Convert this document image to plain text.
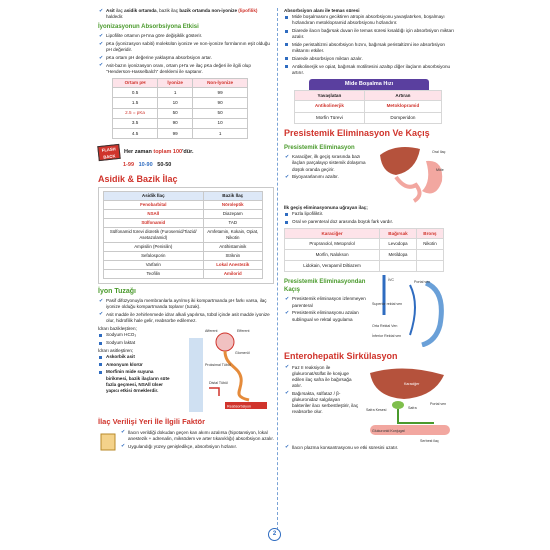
✔ Asit ilaç asidik ortamda, bazik ilaç bazik ortamda non-iyonize (lipofilik) haldedir.
İyonizasyonun Absorbsiyona Etkisi
✔ Lipofilite ortamın pH'ına göre değişiklik gösterir.
✔ pKa (iyonizasyon sabiti) molekülün iyonize ve non-iyonize formlarının eşit olduğu pH değeridir.
✔ pKa ortam pH değerine yaklaşma absorbsiyon artar.
✔ Asit-bazın iyonizasyon oranı, ortam pH'a ve ilaç pKa değeri ile ilgili olup "Henderson-Hasselbalch" denklemi ile saptanır.
Ortam pH	İyonize	Non-İyonize
0.5	1	99
1.5	10	90
2.5 = pKa	50	50
3.5	90	10
4.5	99	1
FLASH
BACK
Her zaman toplam 100'dür.
1-99 10-90 50-50
Asidik & Bazik İlaç
Asidik İlaç	Bazik İlaç
Fenobarbital	Nöroleptik
NSAİİ	Diazepam
Sülfonamid	TAD
Sülfonamid türevi diüretik (Furosemid/Tiazid/ Asetazolamid)	Amfetamin, Kokain, Opiat, Nikotin
Ampisilin (Penisilin)	Antihistaminik
Sefalosporin	Striknin
Varfarin	Lokal Anestezik
Teofilin	Amilorid
İyon Tuzağı
✔ Pasif difüzyonuyla membranlarla ayrılmış iki kompartmanda pH farkı varsa, ilaç iyonize olduğu kompartmanda toplanır (tuzak).
✔ Asit madde ile zehirlenmede idrar alkali yapılırsa, tübül içinde asit madde iyonize olur, hidrofilik hale gelir, reabsorbe edilemez.
İdrarı bazikleştiren;
Sodyum HCO₃
Sodyum laktat
İdrarı asitleştiren;
Askorbik asit
Amonyum klorür
Morfinin mide suyuna birikmesi, bazik ilaçların süte fazla geçmesi, NSAİİ ülser yapıcı etkisi örneklerdir.
Afferent	Efferent
Glomerül
Proksimal Tübül
Distal Tübül
Reabsorbsiyon
İlaç Verilişi Yeri İle İlgili Faktör
✔ İlacın verildiği dokudan geçen kan akımı azalırsa (hipotansiyon, lokal anestezik + adrenalin, miksödem ve arter tıkanıklığı) absorbsiyon azalır.
✔ Uygulandığı yüzey genişledikçe, absorbsiyon hızlanır.
Absorbsiyon alanı ile temas süresi
Mide boşalmasını geciktiren atropin absorbsiyonu yavaşlatırken, boşalmayı hızlandıran metoklopramid absorbsiyonu hızlandırır.
Diarede ilacın bağırsak duvarı ile temas süresi kısaldığı için absorbsiyon miktarı azalır.
Mide peristaltizmi absorbsiyon hızını, bağırsak peristaltizmi ise absorbsiyon miktarını etkiler.
Diarede absorbsiyon miktarı azalır.
Antikolinerjik ve opiat, bağırsak motilitesini azaltıp diğer ilaçların absorbsiyonu artırır.
Mide Boşalma Hızı
Yavaşlatan	Artıran
Antikolinerjik	Metoklopramid
Morfin Türevi	Domperidon
Presistemik Eliminasyon Ve Kaçış
Presistemik Eliminasyon
✔ Karaciğer, ilk geçiş sırasında bazı ilaçları parçalayıp sistemik dolaşıma düşük oranda geçirir.
✔ Biyoyararlanımı azaltır.
Oral Ilaç
Mide
İlk geçiş eliminasyonuna uğrayan ilaç;
Fazla lipofiliktir.
Oral ve parenteral doz arasında büyük fark vardır.
Karaciğer	Bağırsak	Bronş
Propranolol, Metoprolol	Levodopa	Nikotin
Morfin, Nalokson	Metildopa	
Lidokain, Verapamil Diltiazem		
Presistemik Eliminasyondan Kaçış
✔ Presistemik eliminasyon izlenmeyen parenteral
✔ Presistemik eliminasyonu azalan sublingual ve rektal uygulama
İVC
Superior rektal ven
Portal ven
Orta Rektal Ven
İnferior Rektal ven
Enterohepatik Sirkülasyon
✔ Faz II reaksiyon ile glukuronat/sülfat ile konjuge edilen ilaç safra ile bağırsağa atılır.
✔ Bağırsakta, sülfataz / β-glukuronidaz salgılayan bakteriler ilacı serbestleştirir, ilaç reabsorbe olur.
Karaciğer
Safra
Safra Kesesi
Glukuronid Konjugat
Serbest ilaç
Portal ven
✔ İlacın plazma konsantrasyonu ve etki süresini uzatır.
2
